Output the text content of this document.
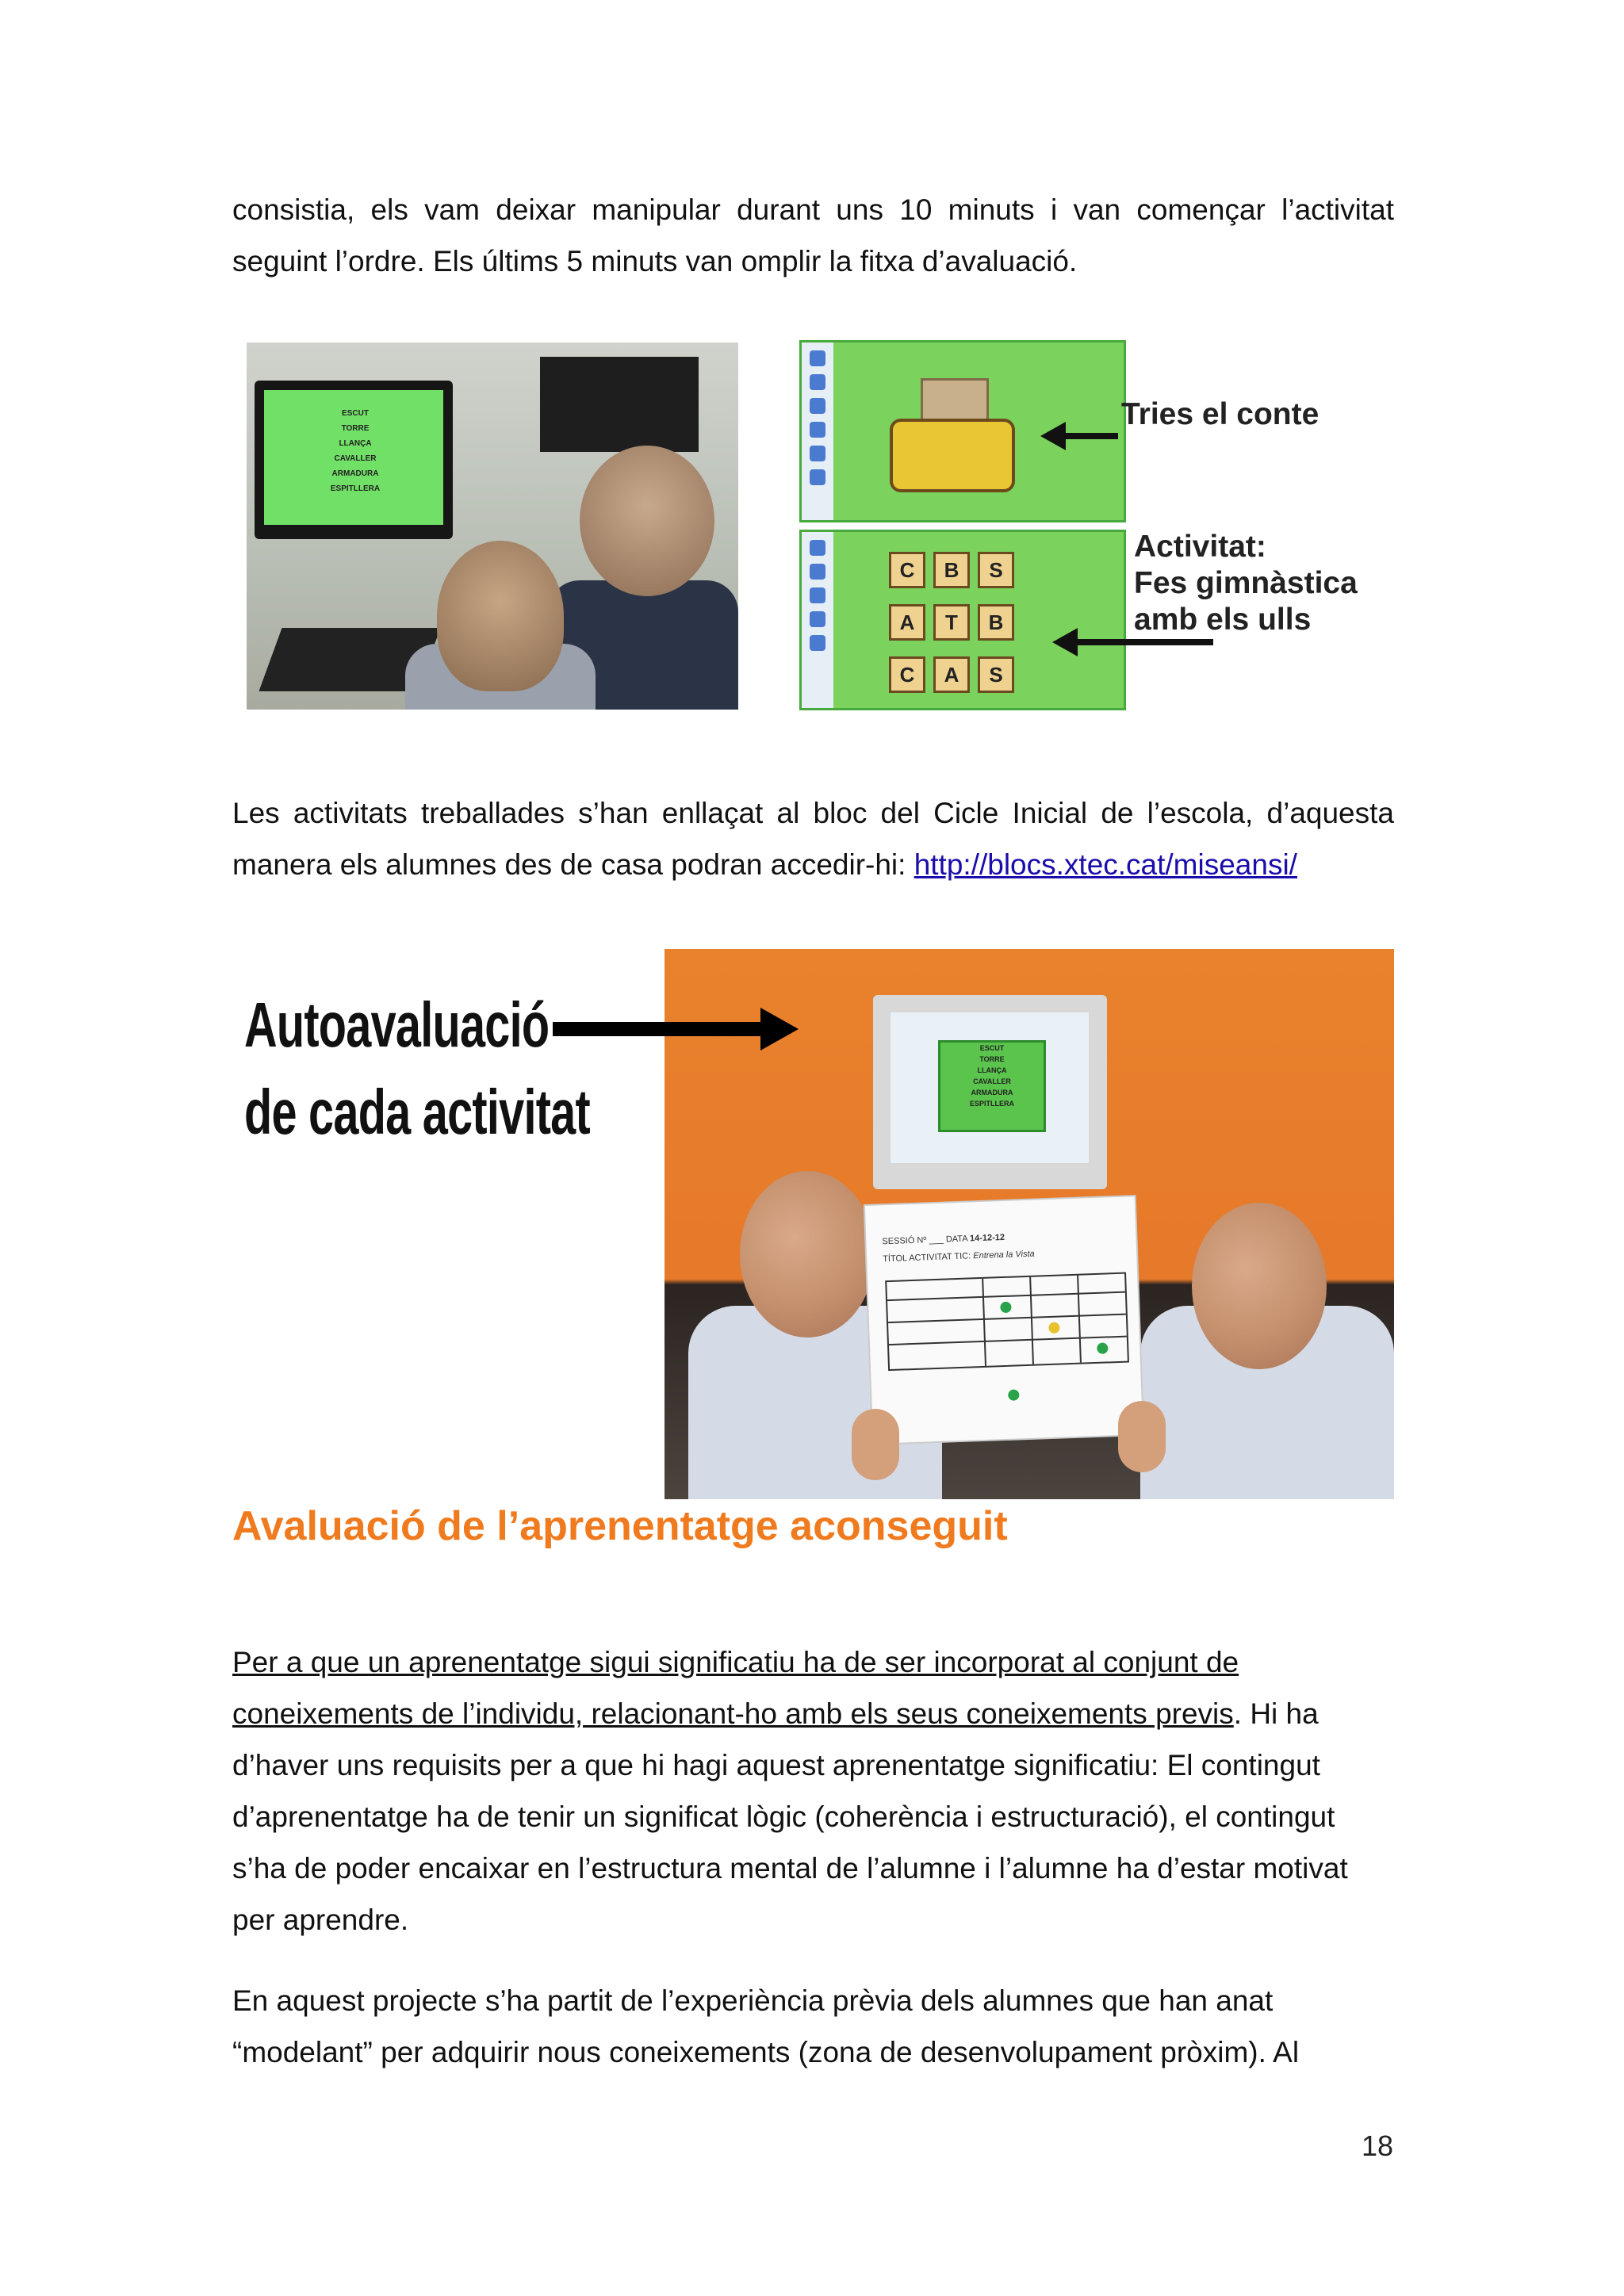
consistia, els vam deixar manipular durant uns 10 minuts i van començar l’activitat seguint l’ordre. Els últims 5 minuts van omplir la fitxa d’avaluació.
ESCUT
TORRE
LLANÇA
CAVALLER
ARMADURA
ESPITLLERA
C B S
A T B
C A S
Tries el conte
Activitat:
Fes gimnàstica
amb els ulls
Les activitats treballades s’han enllaçat al bloc del Cicle Inicial de l’escola, d’aquesta manera els alumnes des de casa podran accedir-hi: http://blocs.xtec.cat/miseansi/
Autoavaluació
de cada activitat
ESCUT
TORRE
LLANÇA
CAVALLER
ARMADURA
ESPITLLERA
SESSIÓ Nº ___ DATA 14-12-12
TÍTOL ACTIVITAT TIC: Entrena la Vista
Avaluació de l’aprenentatge aconseguit
Per a que un aprenentatge sigui significatiu ha de ser incorporat al conjunt de coneixements de l’individu, relacionant-ho amb els seus coneixements previs. Hi ha d’haver uns requisits per a que hi hagi aquest aprenentatge significatiu: El contingut d’aprenentatge ha de tenir un significat lògic (coherència i estructuració), el contingut s’ha de poder encaixar en l’estructura mental de l’alumne i l’alumne ha d’estar motivat per aprendre.
En aquest projecte s’ha partit de l’experiència prèvia dels alumnes que han anat “modelant” per adquirir nous coneixements (zona de desenvolupament pròxim). Al
18
